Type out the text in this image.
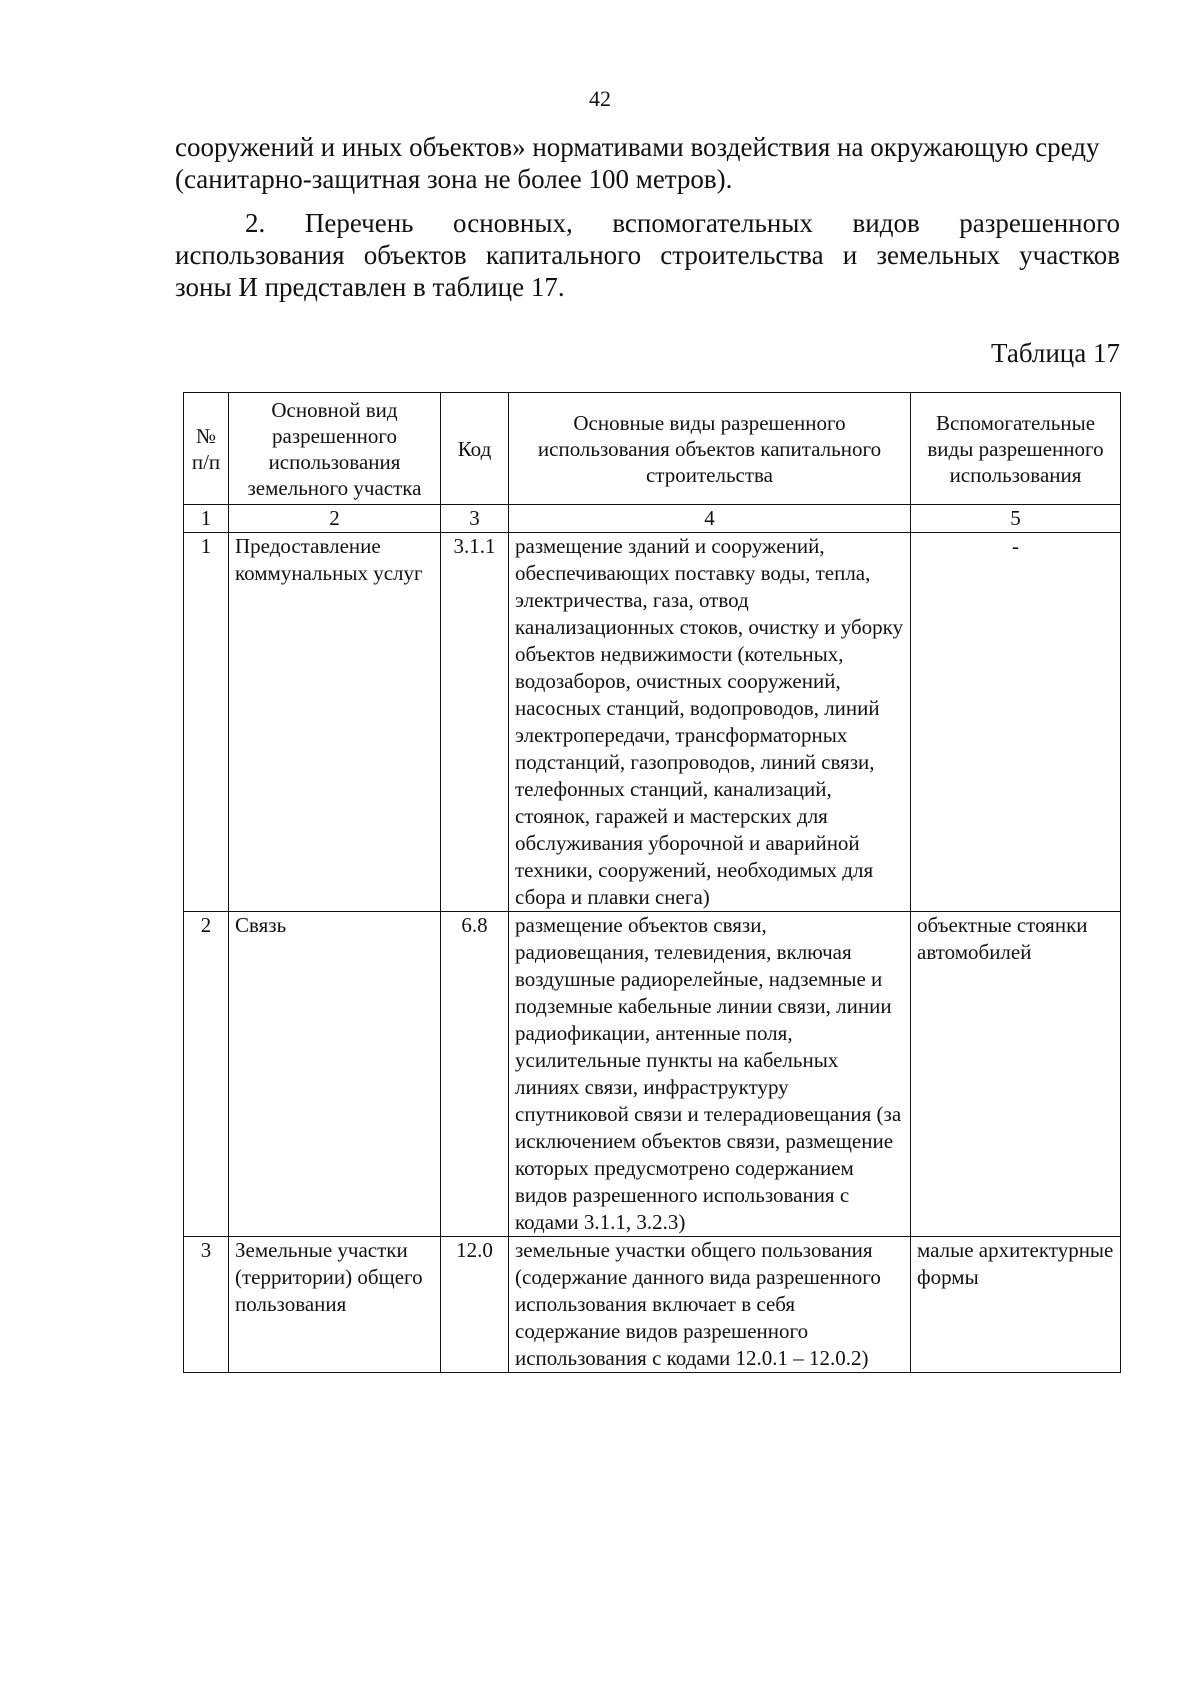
42

сооружений и иных объектов» нормативами воздействия на окружающую среду

(санитарно-защитная зона не более 100 метров).

2. Перечень основных, вспомогательных видов разрешенного

использования объектов капитального строительства и земельных участков

зоны И представлен в таблице 17.

Таблица 17
№ п/п	Основной вид разрешенного использования земельного участка	Код	Основные виды разрешенного использования объектов капитального строительства	Вспомогательные виды разрешенного использования
1	2	3	4	5
1	Предоставление коммунальных услуг	3.1.1	размещение зданий и сооружений, обеспечивающих поставку воды, тепла, электричества, газа, отвод канализационных стоков, очистку и уборку объектов недвижимости (котельных, водозаборов, очистных сооружений, насосных станций, водопроводов, линий электропередачи, трансформаторных подстанций, газопроводов, линий связи, телефонных станций, канализаций, стоянок, гаражей и мастерских для обслуживания уборочной и аварийной техники, сооружений, необходимых для сбора и плавки снега)	-
2	Связь	6.8	размещение объектов связи, радиовещания, телевидения, включая воздушные радиорелейные, надземные и подземные кабельные линии связи, линии радиофикации, антенные поля, усилительные пункты на кабельных линиях связи, инфраструктуру спутниковой связи и телерадиовещания (за исключением объектов связи, размещение которых предусмотрено содержанием видов разрешенного использования с кодами 3.1.1, 3.2.3)	объектные стоянки автомобилей
3	Земельные участки (территории) общего пользования	12.0	земельные участки общего пользования (содержание данного вида разрешенного использования включает в себя содержание видов разрешенного использования с кодами 12.0.1 – 12.0.2)	малые архитектурные формы
